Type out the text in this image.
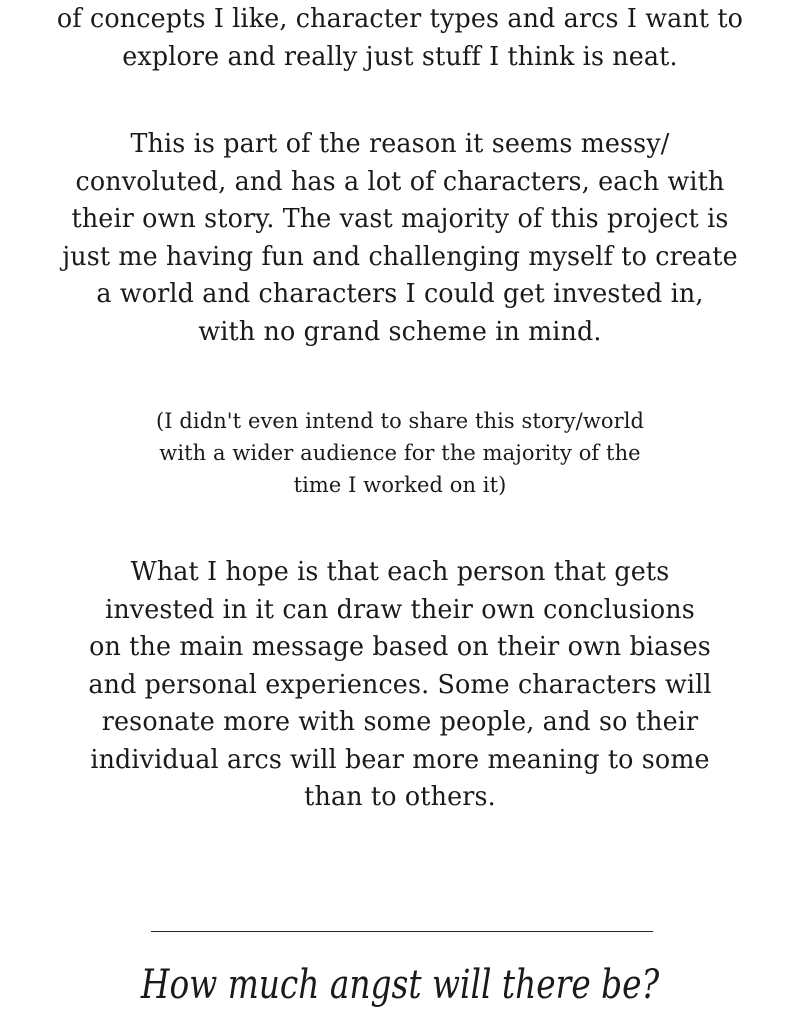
of concepts I like, character types and arcs I want to
explore and really just stuff I think is neat.
This is part of the reason it seems messy/
convoluted, and has a lot of characters, each with
their own story. The vast majority of this project is
just me having fun and challenging myself to create
a world and characters I could get invested in,
with no grand scheme in mind.
(I didn't even intend to share this story/world
with a wider audience for the majority of the
time I worked on it)
What I hope is that each person that gets
invested in it can draw their own conclusions
on the main message based on their own biases
and personal experiences. Some characters will
resonate more with some people, and so their
individual arcs will bear more meaning to some
than to others.
How much angst will there be?
